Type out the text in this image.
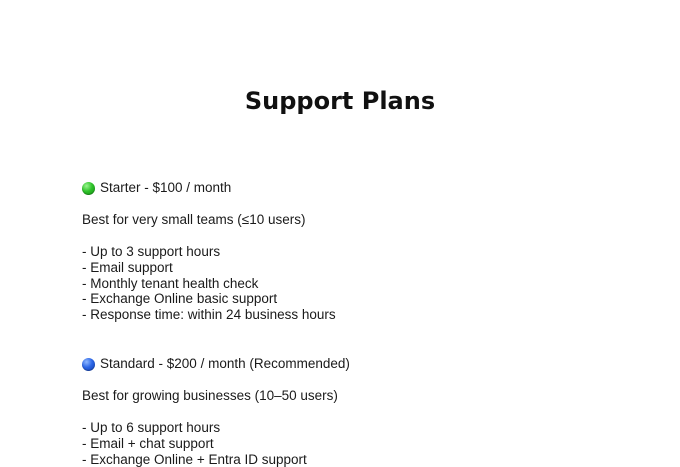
Support Plans
Starter - $100 / month
Best for very small teams (≤10 users)
- Up to 3 support hours
- Email support
- Monthly tenant health check
- Exchange Online basic support
- Response time: within 24 business hours
Standard - $200 / month (Recommended)
Best for growing businesses (10–50 users)
- Up to 6 support hours
- Email + chat support
- Exchange Online + Entra ID support
